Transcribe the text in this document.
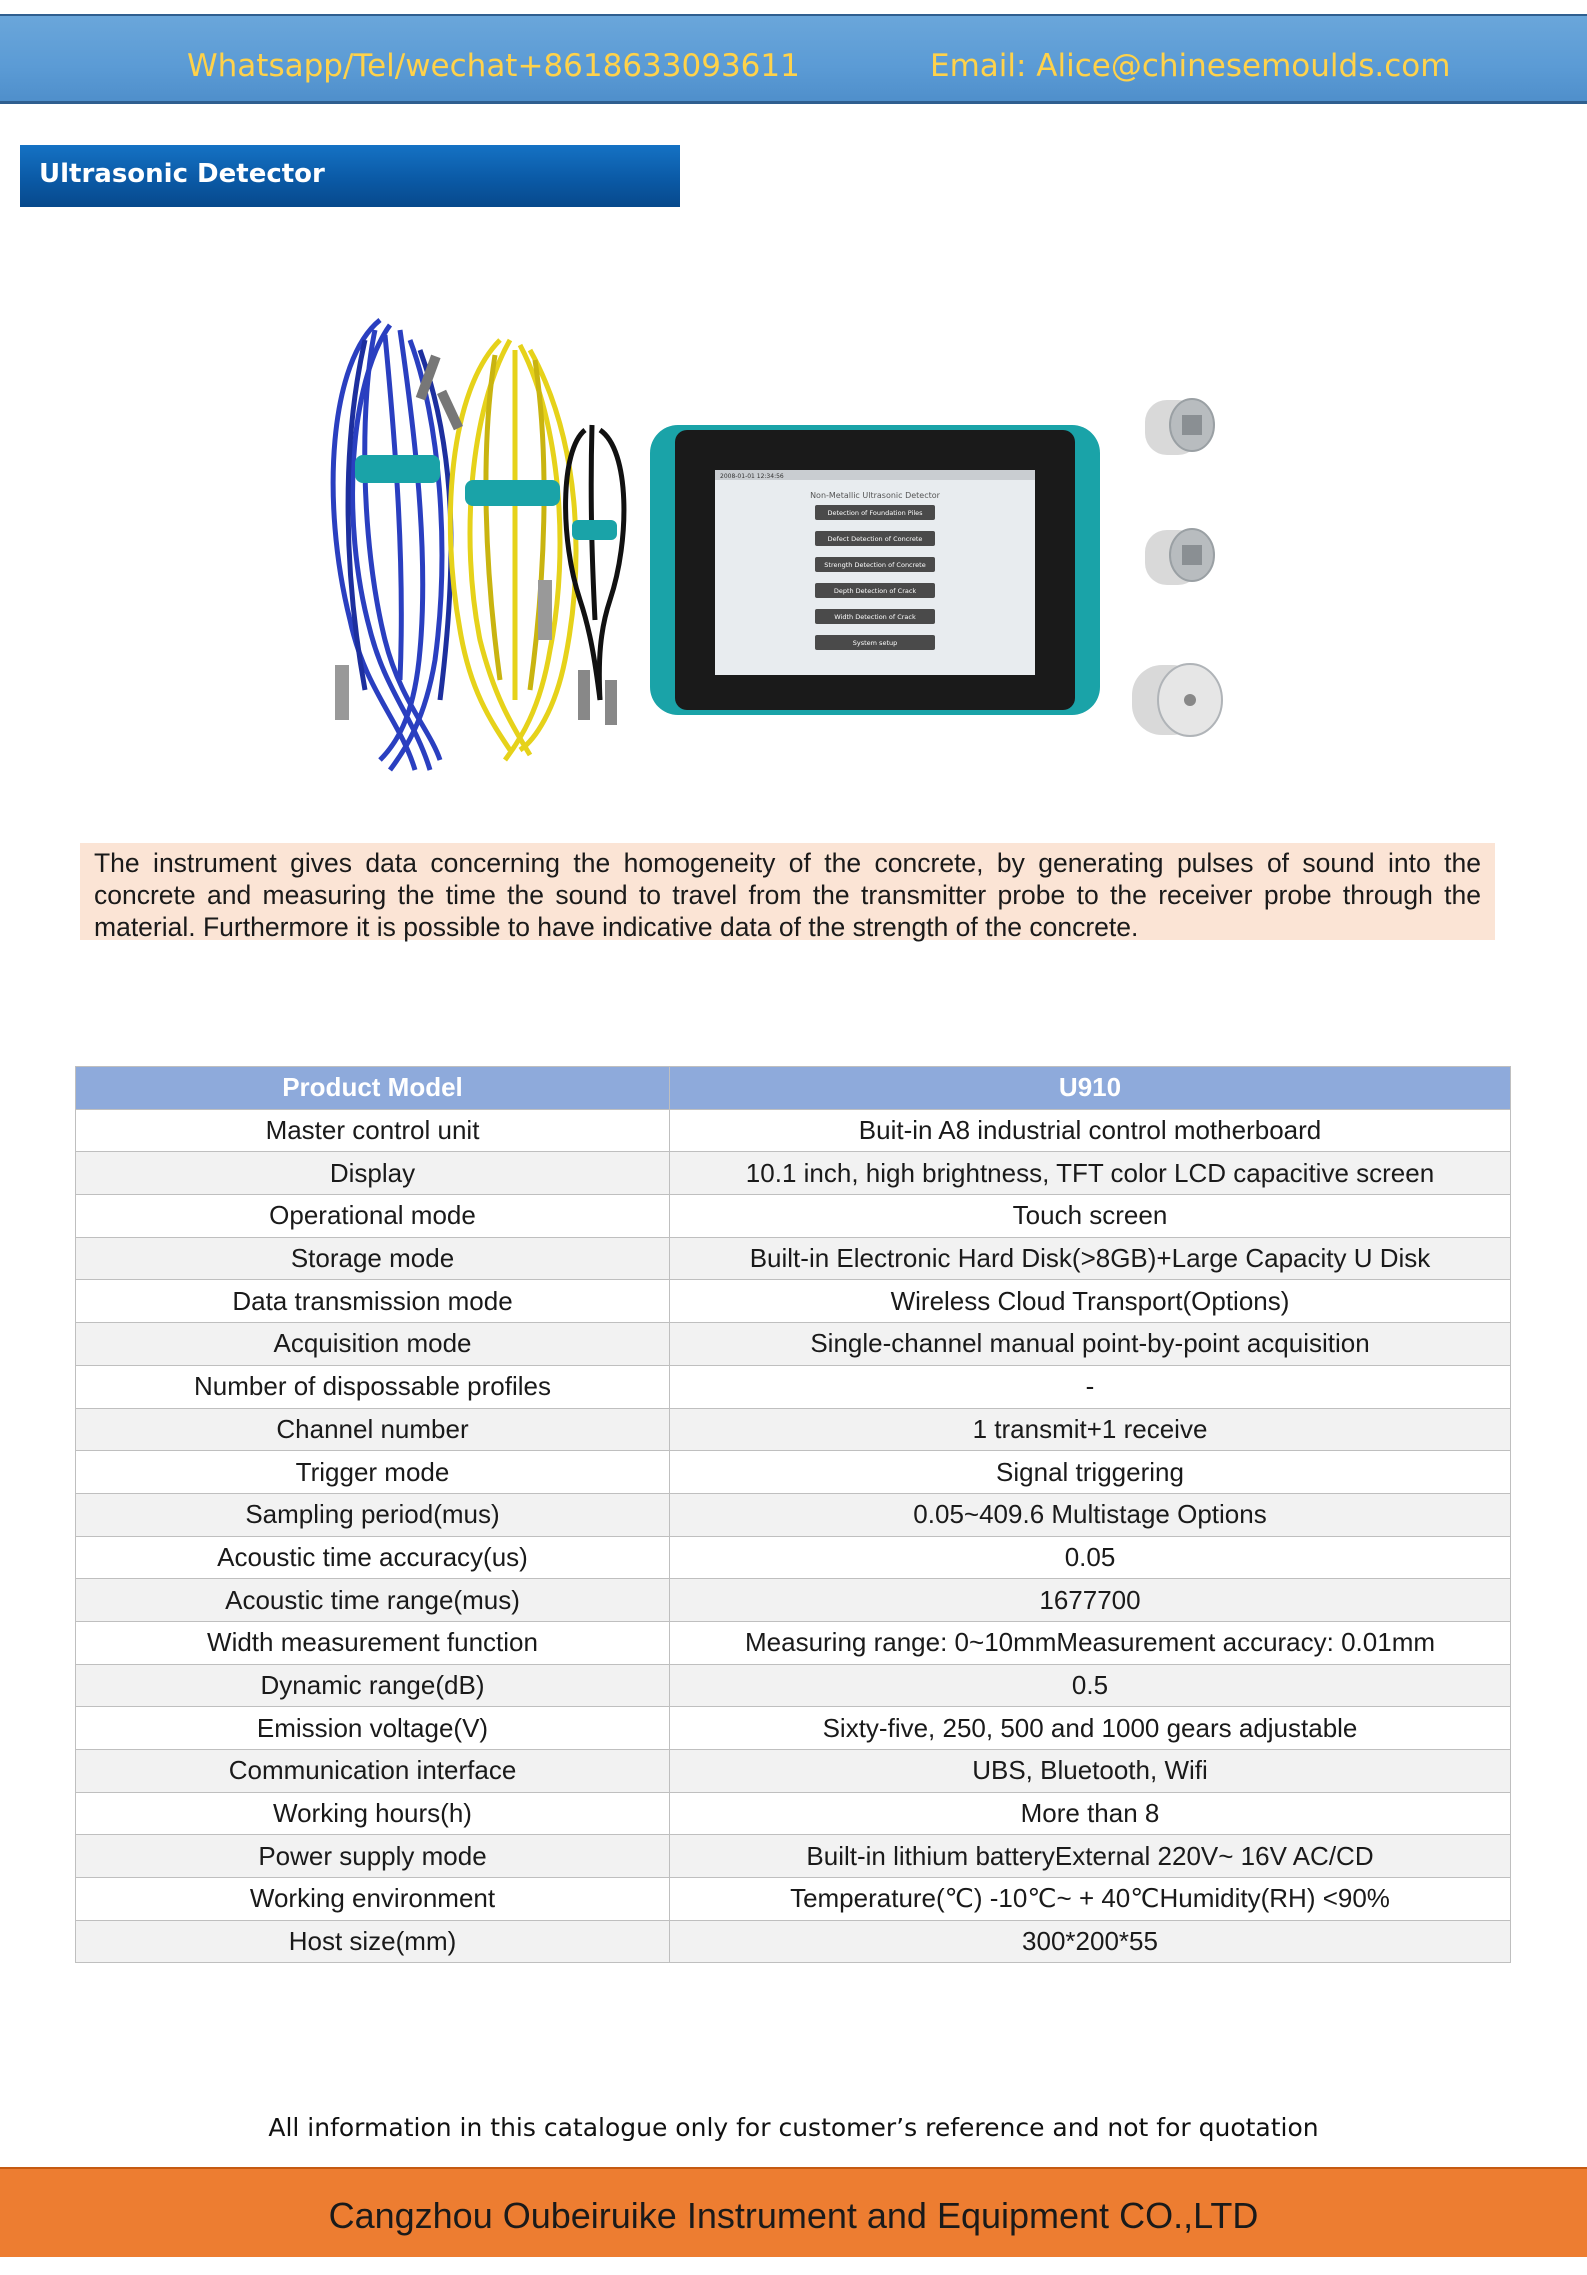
Whatsapp/Tel/wechat+8618633093611	Email: Alice@chinesemoulds.com
Ultrasonic Detector
2008-01-01 12:34:56
Non-Metallic Ultrasonic Detector
Detection of Foundation Piles
Defect Detection of Concrete
Strength Detection of Concrete
Depth Detection of Crack
Width Detection of Crack
System setup
The instrument gives data concerning the homogeneity of the concrete, by generating pulses of sound into the concrete and measuring the time the sound to travel from the transmitter probe to the receiver probe through the material. Furthermore it is possible to have indicative data of the strength of the concrete.
Product Model	U910
Master control unit	Buit-in A8 industrial control motherboard
Display	10.1 inch, high brightness, TFT color LCD capacitive screen
Operational mode	Touch screen
Storage mode	Built-in Electronic Hard Disk(>8GB)+Large Capacity U Disk
Data transmission mode	Wireless Cloud Transport(Options)
Acquisition mode	Single-channel manual point-by-point acquisition
Number of dispossable profiles	-
Channel number	1 transmit+1 receive
Trigger mode	Signal triggering
Sampling period(mus)	0.05~409.6 Multistage Options
Acoustic time accuracy(us)	0.05
Acoustic time range(mus)	1677700
Width measurement function	Measuring range: 0~10mmMeasurement accuracy: 0.01mm
Dynamic range(dB)	0.5
Emission voltage(V)	Sixty-five, 250, 500 and 1000 gears adjustable
Communication interface	UBS, Bluetooth, Wifi
Working hours(h)	More than 8
Power supply mode	Built-in lithium batteryExternal 220V~ 16V AC/CD
Working environment	Temperature(℃) -10℃~ + 40℃Humidity(RH) <90%
Host size(mm)	300*200*55
All information in this catalogue only for customer’s reference and not for quotation
Cangzhou Oubeiruike Instrument and Equipment CO.,LTD
